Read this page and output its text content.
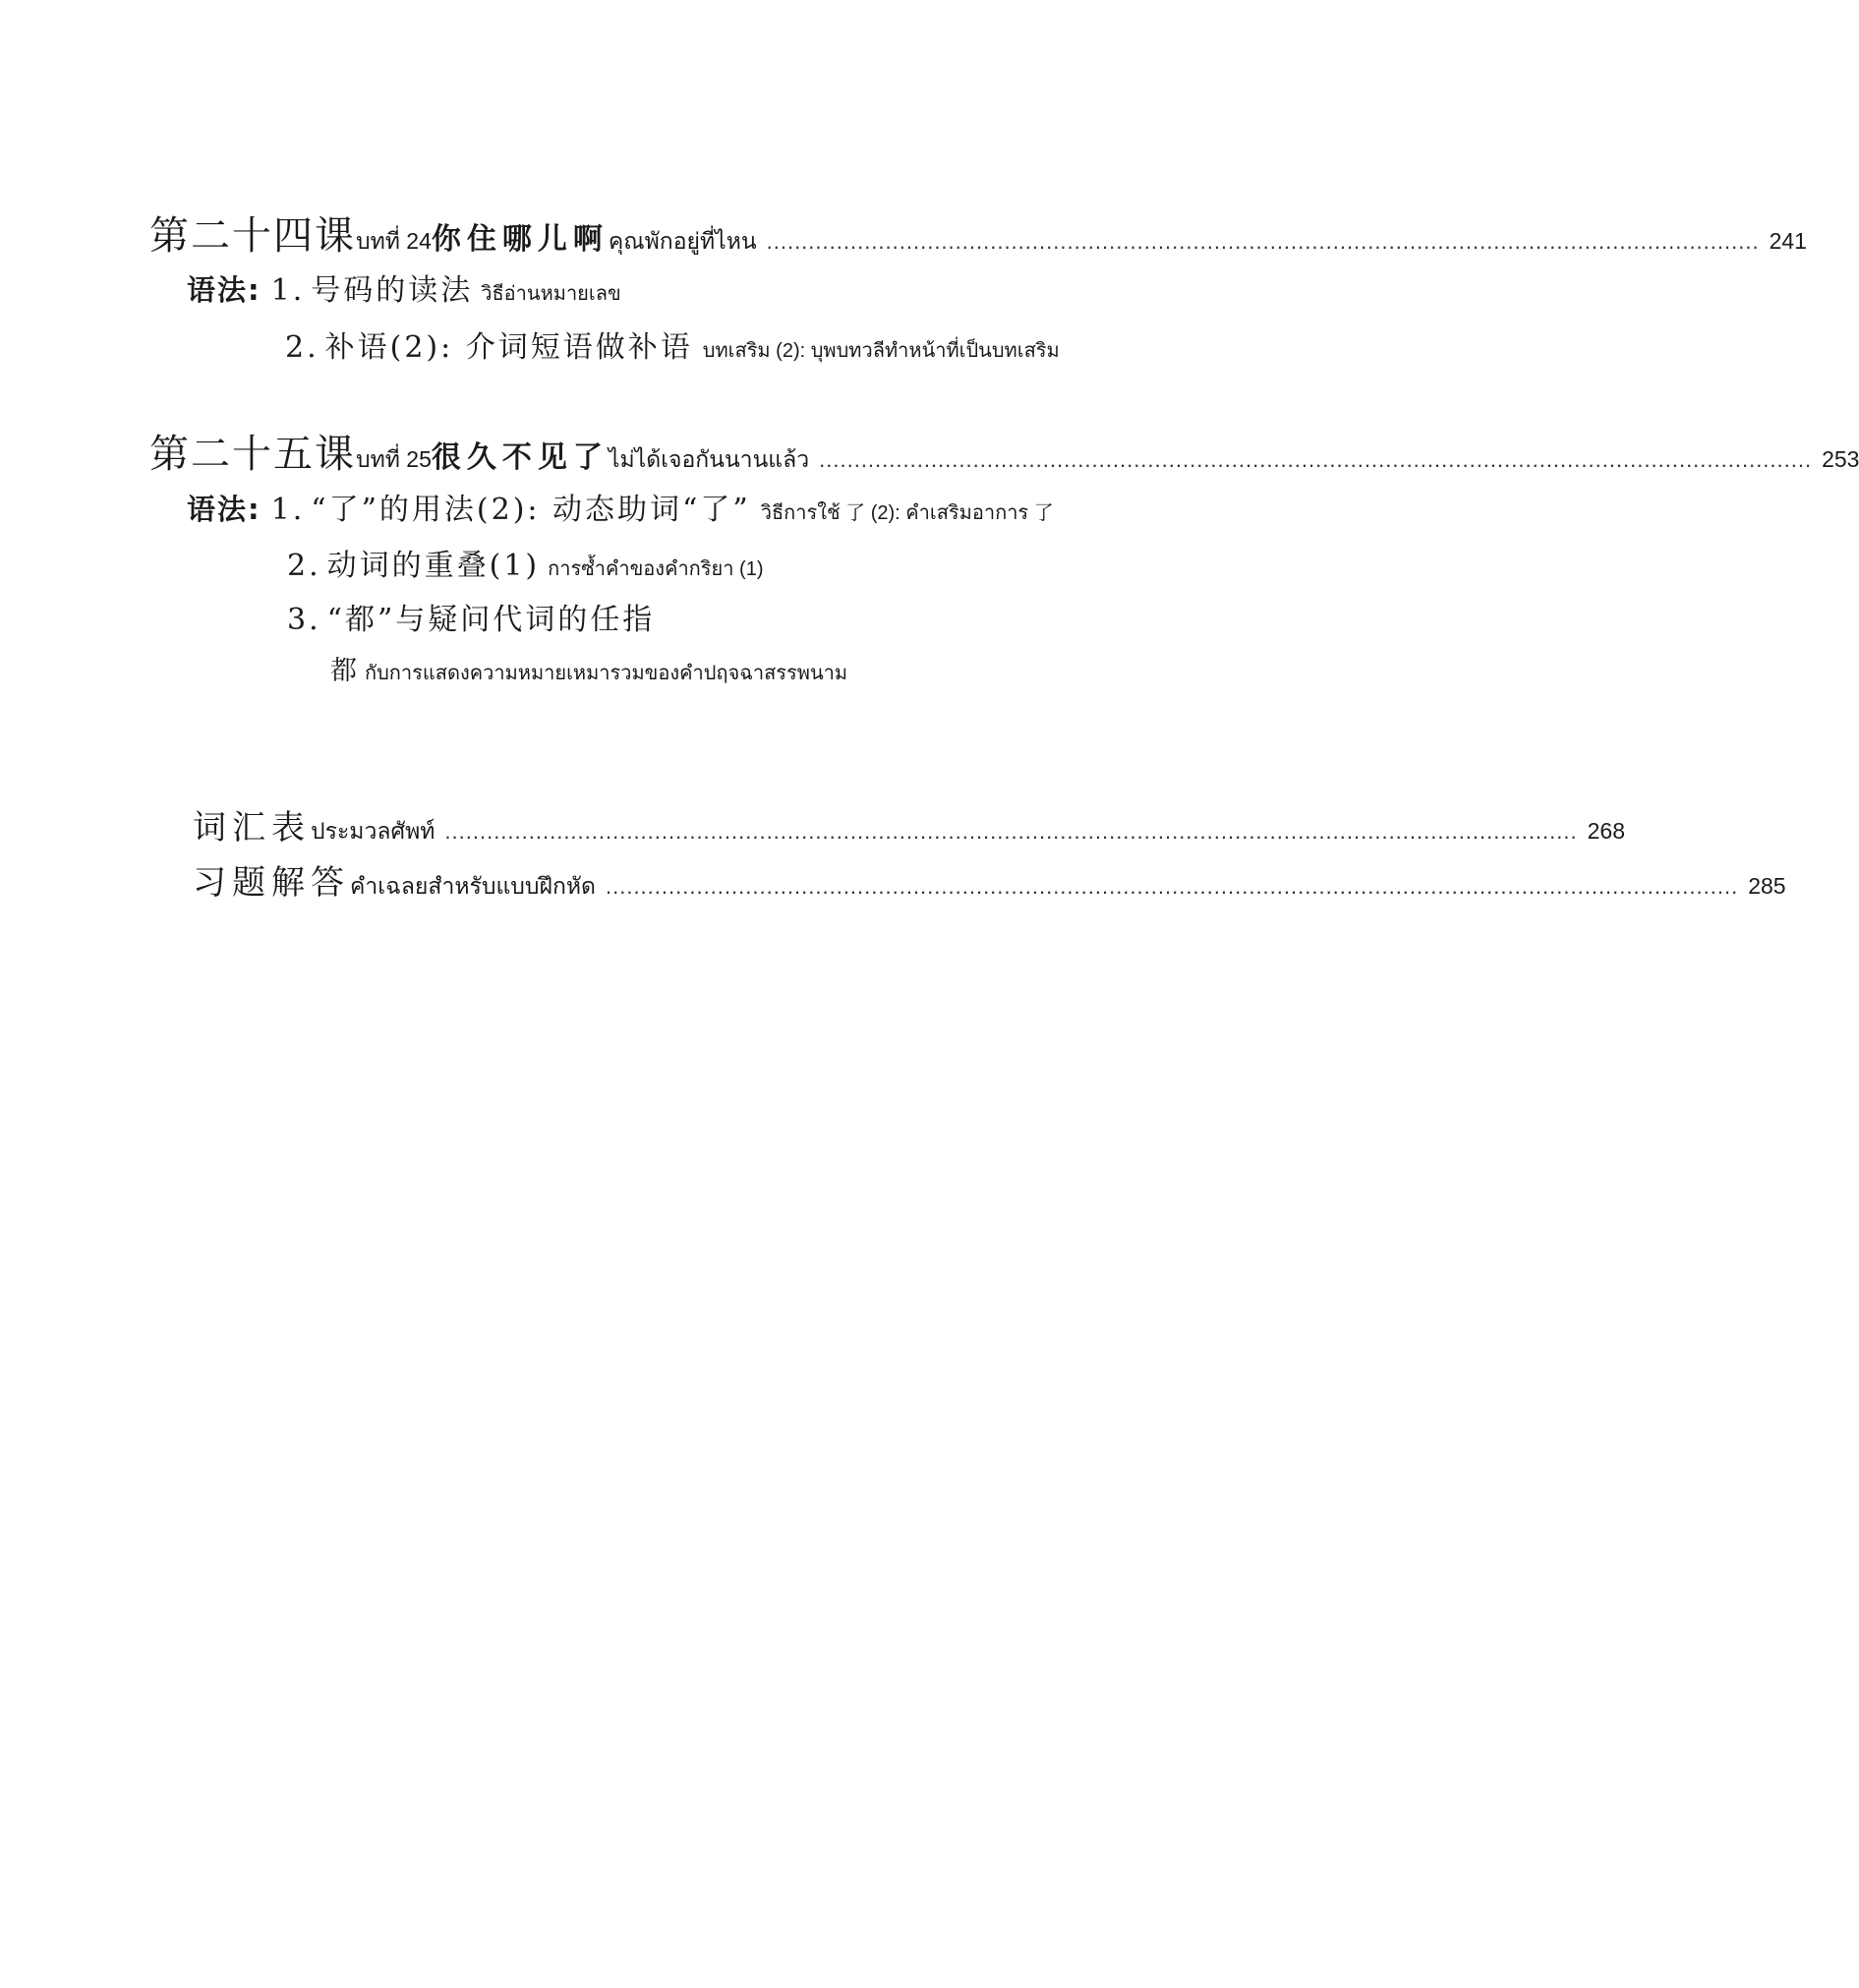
第二十四课 บทที่ 24 你住哪儿啊 คุณพักอยู่ที่ไหน .............................................................................................................................................. 241
语法: 1. 号码的读法 วิธีอ่านหมายเลข
2. 补语(2): 介词短语做补语 บทเสริม (2): บุพบทวลีทำหน้าที่เป็นบทเสริม
第二十五课 บทที่ 25 很久不见了 ไม่ได้เจอกันนานแล้ว .............................................................................................................................................. 253
语法: 1. “了”的用法(2): 动态助词“了” วิธีการใช้ 了 (2): คำเสริมอาการ 了
2. 动词的重叠(1) การซ้ำคำของคำกริยา (1)
3. “都”与疑问代词的任指
都 กับการแสดงความหมายเหมารวมของคำปฤจฉาสรรพนาม
词汇表 ประมวลศัพท์ .................................................................................................................................................................. 268
习题解答 คำเฉลยสำหรับแบบฝึกหัด .................................................................................................................................................................. 285
